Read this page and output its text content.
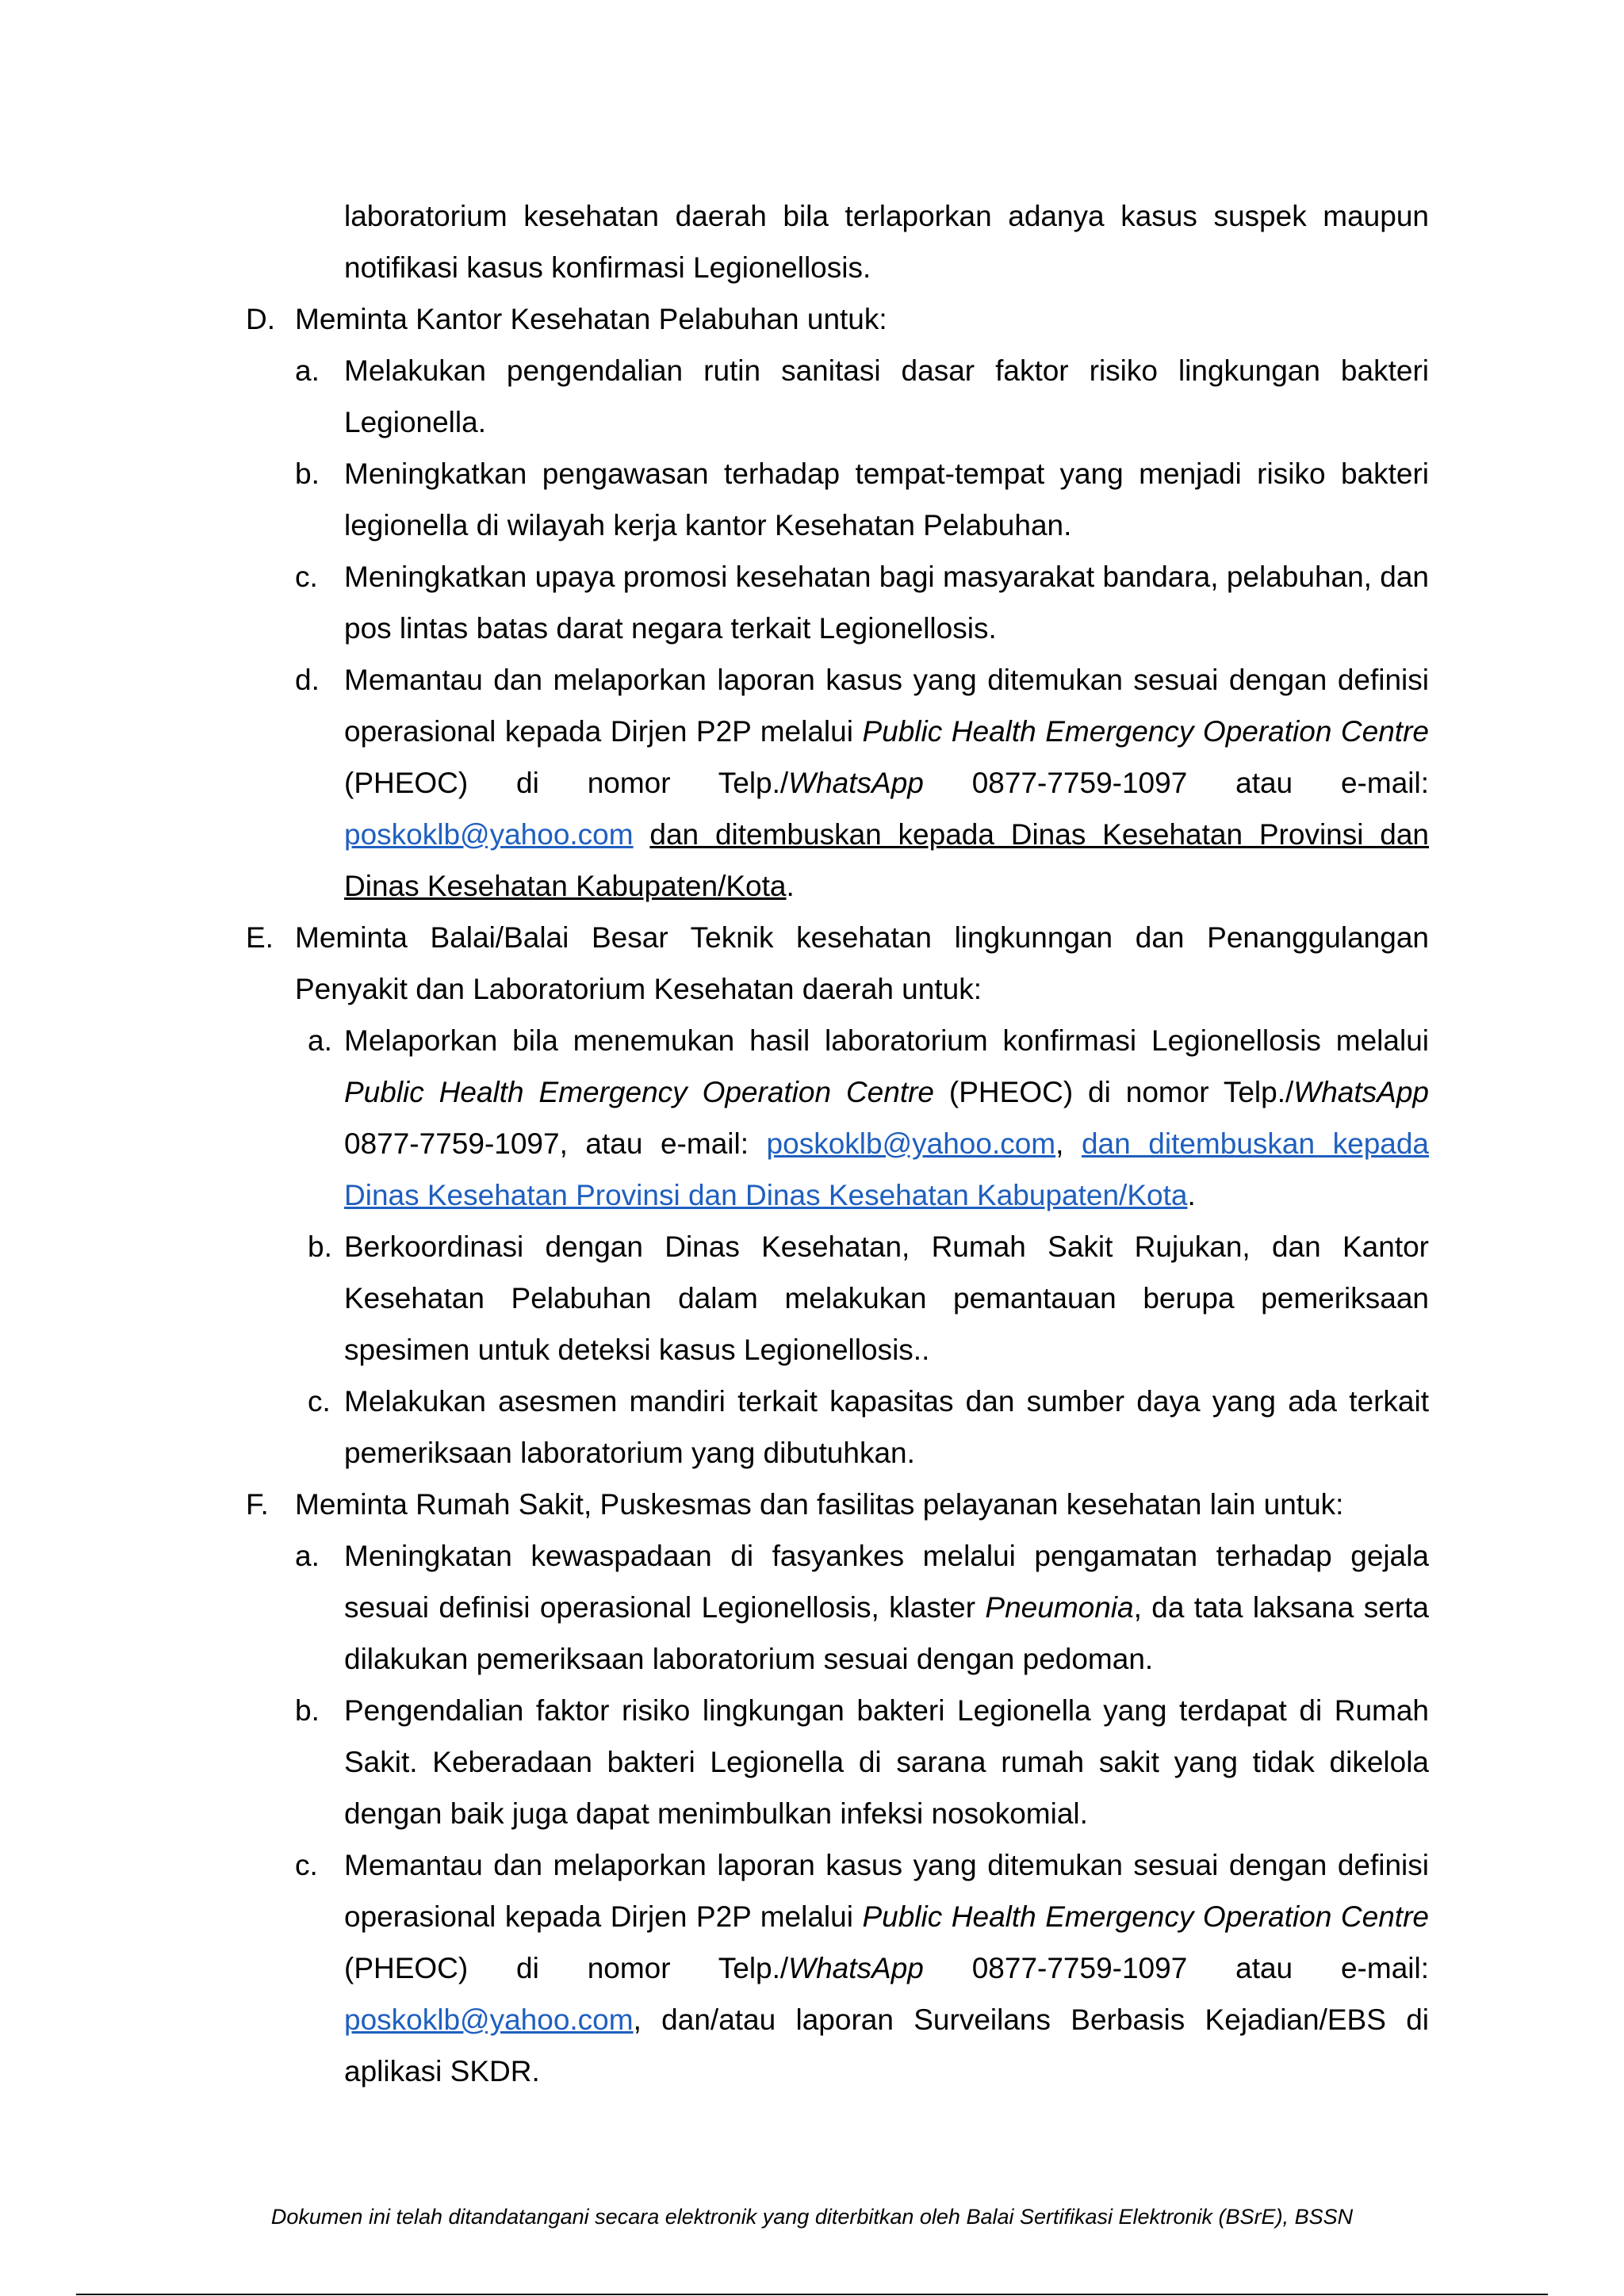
laboratorium kesehatan daerah bila terlaporkan adanya kasus suspek maupun notifikasi kasus konfirmasi Legionellosis.
D. Meminta Kantor Kesehatan Pelabuhan untuk:
a. Melakukan pengendalian rutin sanitasi dasar faktor risiko lingkungan bakteri Legionella.
b. Meningkatkan pengawasan terhadap tempat-tempat yang menjadi risiko bakteri legionella di wilayah kerja kantor Kesehatan Pelabuhan.
c. Meningkatkan upaya promosi kesehatan bagi masyarakat bandara, pelabuhan, dan pos lintas batas darat negara terkait Legionellosis.
d. Memantau dan melaporkan laporan kasus yang ditemukan sesuai dengan definisi operasional kepada Dirjen P2P melalui Public Health Emergency Operation Centre (PHEOC) di nomor Telp./WhatsApp 0877-7759-1097 atau e-mail: poskoklb@yahoo.com dan ditembuskan kepada Dinas Kesehatan Provinsi dan Dinas Kesehatan Kabupaten/Kota.
E. Meminta Balai/Balai Besar Teknik kesehatan lingkunngan dan Penanggulangan Penyakit dan Laboratorium Kesehatan daerah untuk:
a. Melaporkan bila menemukan hasil laboratorium konfirmasi Legionellosis melalui Public Health Emergency Operation Centre (PHEOC) di nomor Telp./WhatsApp 0877-7759-1097, atau e-mail: poskoklb@yahoo.com, dan ditembuskan kepada Dinas Kesehatan Provinsi dan Dinas Kesehatan Kabupaten/Kota.
b. Berkoordinasi dengan Dinas Kesehatan, Rumah Sakit Rujukan, dan Kantor Kesehatan Pelabuhan dalam melakukan pemantauan berupa pemeriksaan spesimen untuk deteksi kasus Legionellosis..
c. Melakukan asesmen mandiri terkait kapasitas dan sumber daya yang ada terkait pemeriksaan laboratorium yang dibutuhkan.
F. Meminta Rumah Sakit, Puskesmas dan fasilitas pelayanan kesehatan lain untuk:
a. Meningkatan kewaspadaan di fasyankes melalui pengamatan terhadap gejala sesuai definisi operasional Legionellosis, klaster Pneumonia, da tata laksana serta dilakukan pemeriksaan laboratorium sesuai dengan pedoman.
b. Pengendalian faktor risiko lingkungan bakteri Legionella yang terdapat di Rumah Sakit. Keberadaan bakteri Legionella di sarana rumah sakit yang tidak dikelola dengan baik juga dapat menimbulkan infeksi nosokomial.
c. Memantau dan melaporkan laporan kasus yang ditemukan sesuai dengan definisi operasional kepada Dirjen P2P melalui Public Health Emergency Operation Centre (PHEOC) di nomor Telp./WhatsApp 0877-7759-1097 atau e-mail: poskoklb@yahoo.com, dan/atau laporan Surveilans Berbasis Kejadian/EBS di aplikasi SKDR.
Dokumen ini telah ditandatangani secara elektronik yang diterbitkan oleh Balai Sertifikasi Elektronik (BSrE), BSSN
